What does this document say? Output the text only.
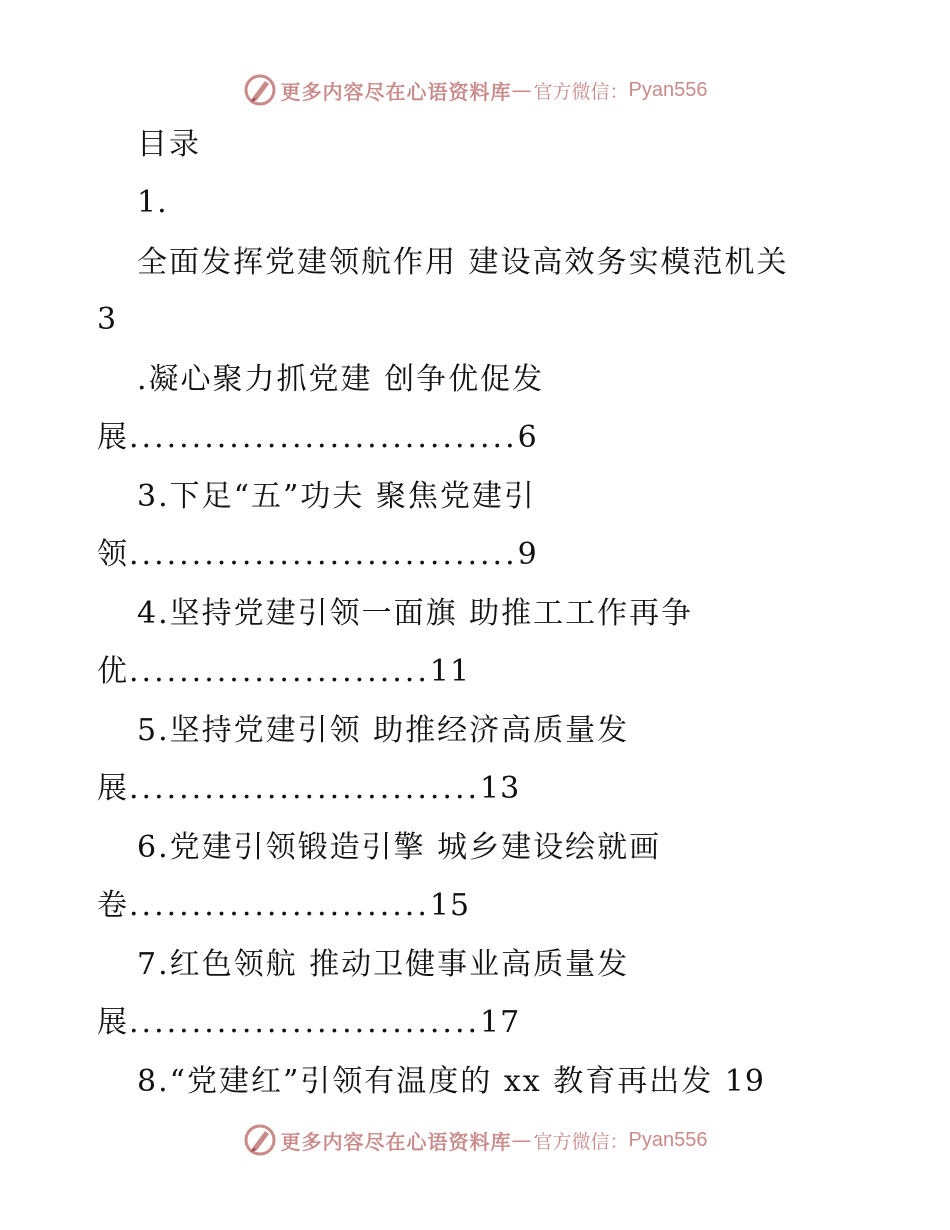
更多内容尽在心语资料库 — 官方微信： Pyan556
目录
1.
全面发挥党建领航作用 建设高效务实模范机关
3
.凝心聚力抓党建 创争优促发
展...............................6
3.下足“五”功夫 聚焦党建引
领...............................9
4.坚持党建引领一面旗 助推工工作再争
优........................11
5.坚持党建引领 助推经济高质量发
展............................13
6.党建引领锻造引擎 城乡建设绘就画
卷........................15
7.红色领航 推动卫健事业高质量发
展............................17
8.“党建红”引领有温度的 xx 教育再出发 19
更多内容尽在心语资料库 — 官方微信： Pyan556
